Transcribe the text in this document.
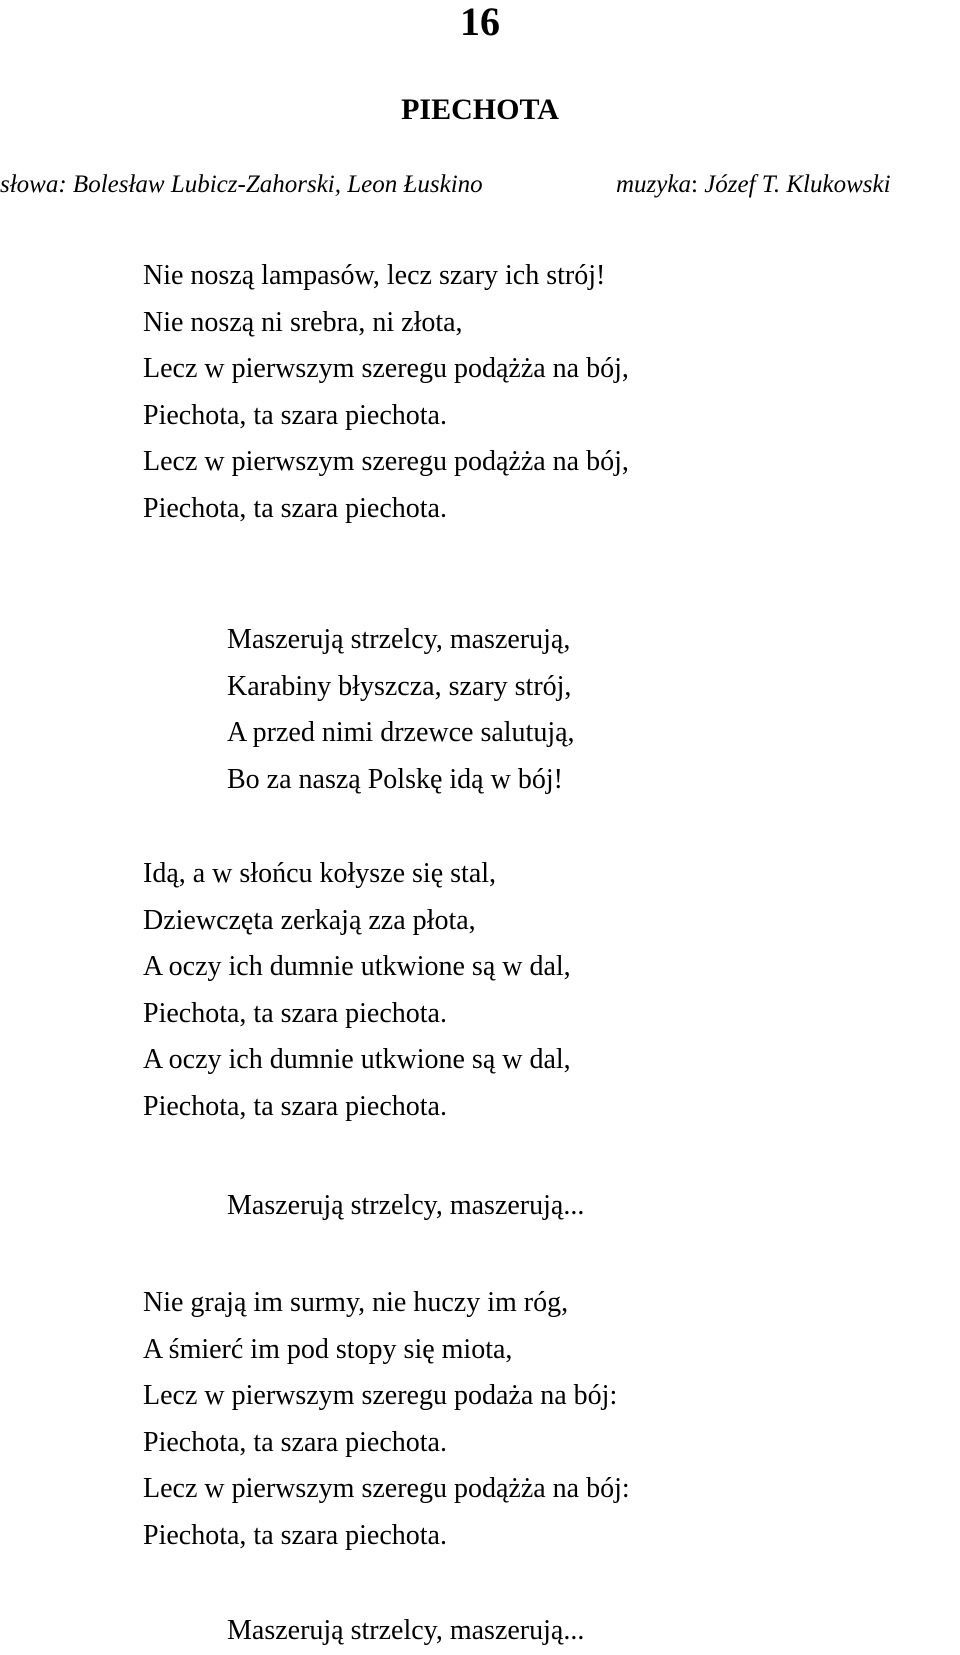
16
PIECHOTA
słowa: Bolesław Lubicz-Zahorski, Leon Łuskino	muzyka: Józef T. Klukowski
Nie noszą lampasów, lecz szary ich strój!
Nie noszą ni srebra, ni złota,
Lecz w pierwszym szeregu podążża na bój,
Piechota, ta szara piechota.
Lecz w pierwszym szeregu podążża na bój,
Piechota, ta szara piechota.
Maszerują strzelcy, maszerują,
Karabiny błyszcza, szary strój,
A przed nimi drzewce salutują,
Bo za naszą Polskę idą w bój!
Idą, a w słońcu kołysze się stal,
Dziewczęta zerkają zza płota,
A oczy ich dumnie utkwione są w dal,
Piechota, ta szara piechota.
A oczy ich dumnie utkwione są w dal,
Piechota, ta szara piechota.
Maszerują strzelcy, maszerują...
Nie grają im surmy, nie huczy im róg,
A śmierć im pod stopy się miota,
Lecz w pierwszym szeregu podaża na bój:
Piechota, ta szara piechota.
Lecz w pierwszym szeregu podążża na bój:
Piechota, ta szara piechota.
Maszerują strzelcy, maszerują...
